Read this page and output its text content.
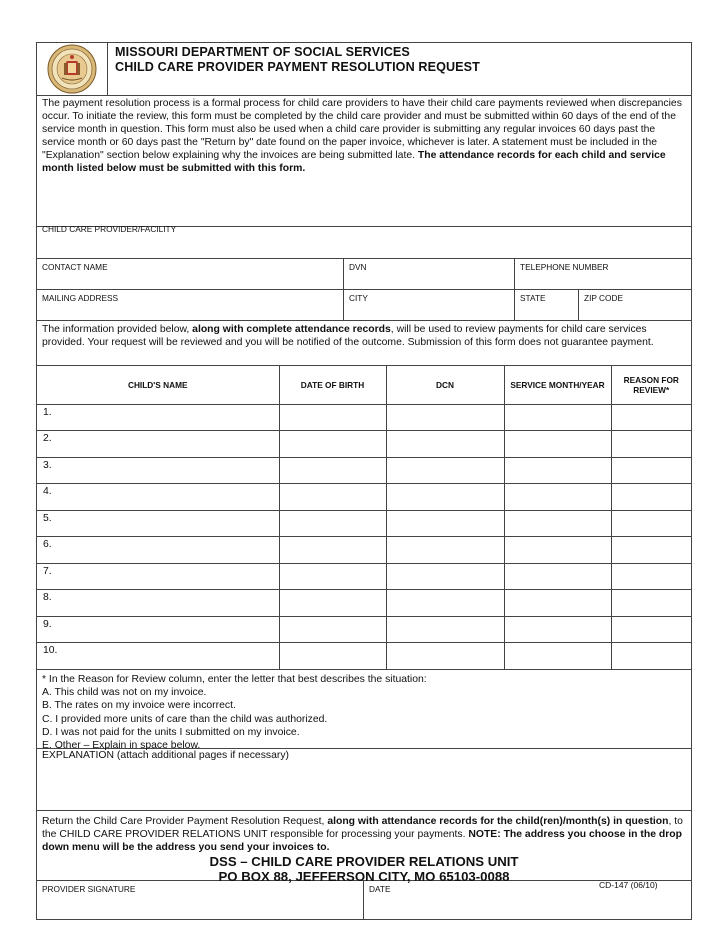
MISSOURI DEPARTMENT OF SOCIAL SERVICES
CHILD CARE PROVIDER PAYMENT RESOLUTION REQUEST
The payment resolution process is a formal process for child care providers to have their child care payments reviewed when discrepancies occur. To initiate the review, this form must be completed by the child care provider and must be submitted within 60 days of the end of the service month in question. This form must also be used when a child care provider is submitting any regular invoices 60 days past the service month or 60 days past the "Return by" date found on the paper invoice, whichever is later. A statement must be included in the "Explanation" section below explaining why the invoices are being submitted late. The attendance records for each child and service month listed below must be submitted with this form.
CHILD CARE PROVIDER/FACILITY
CONTACT NAME	DVN	TELEPHONE NUMBER
MAILING ADDRESS	CITY	STATE	ZIP CODE
The information provided below, along with complete attendance records, will be used to review payments for child care services provided. Your request will be reviewed and you will be notified of the outcome. Submission of this form does not guarantee payment.
CHILD'S NAME	DATE OF BIRTH	DCN	SERVICE MONTH/YEAR	REASON FOR REVIEW*
1.				
2.				
3.				
4.				
5.				
6.				
7.				
8.				
9.				
10.				
* In the Reason for Review column, enter the letter that best describes the situation:
A. This child was not on my invoice.
B. The rates on my invoice were incorrect.
C. I provided more units of care than the child was authorized.
D. I was not paid for the units I submitted on my invoice.
E. Other – Explain in space below.
EXPLANATION (attach additional pages if necessary)
Return the Child Care Provider Payment Resolution Request, along with attendance records for the child(ren)/month(s) in question, to the CHILD CARE PROVIDER RELATIONS UNIT responsible for processing your payments. NOTE: The address you choose in the drop down menu will be the address you send your invoices to.
DSS – CHILD CARE PROVIDER RELATIONS UNIT
PO BOX 88, JEFFERSON CITY, MO 65103-0088
PROVIDER SIGNATURE	DATE	CD-147 (06/10)
